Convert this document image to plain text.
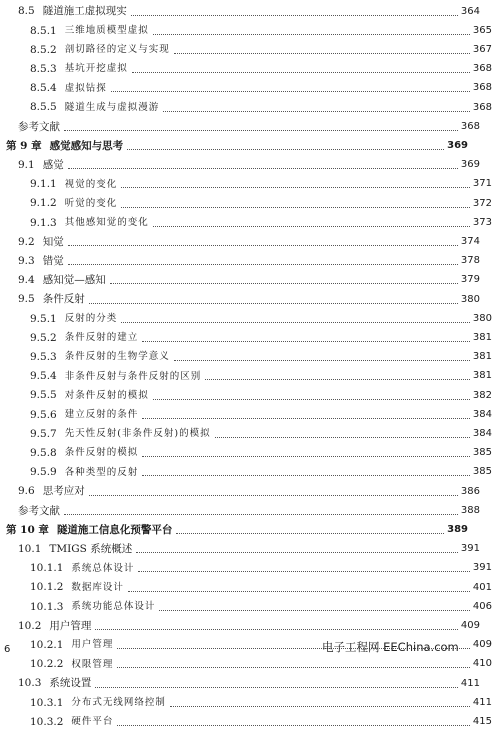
8.5 隧道施工虚拟现实	364
8.5.1 三维地质模型虚拟	365
8.5.2 剖切路径的定义与实现	367
8.5.3 基坑开挖虚拟	368
8.5.4 虚拟钻探	368
8.5.5 隧道生成与虚拟漫游	368
参考文献	368
第 9 章 感觉感知与思考	369
9.1 感觉	369
9.1.1 视觉的变化	371
9.1.2 听觉的变化	372
9.1.3 其他感知觉的变化	373
9.2 知觉	374
9.3 错觉	378
9.4 感知觉—感知	379
9.5 条件反射	380
9.5.1 反射的分类	380
9.5.2 条件反射的建立	381
9.5.3 条件反射的生物学意义	381
9.5.4 非条件反射与条件反射的区别	381
9.5.5 对条件反射的模拟	382
9.5.6 建立反射的条件	384
9.5.7 先天性反射(非条件反射)的模拟	384
9.5.8 条件反射的模拟	385
9.5.9 各种类型的反射	385
9.6 思考应对	386
参考文献	388
第 10 章 隧道施工信息化预警平台	389
10.1 TMIGS 系统概述	391
10.1.1 系统总体设计	391
10.1.2 数据库设计	401
10.1.3 系统功能总体设计	406
10.2 用户管理	409
10.2.1 用户管理	409
10.2.2 权限管理	410
10.3 系统设置	411
10.3.1 分布式无线网络控制	411
10.3.2 硬件平台	415
6	电子工程网 EEChina.com
